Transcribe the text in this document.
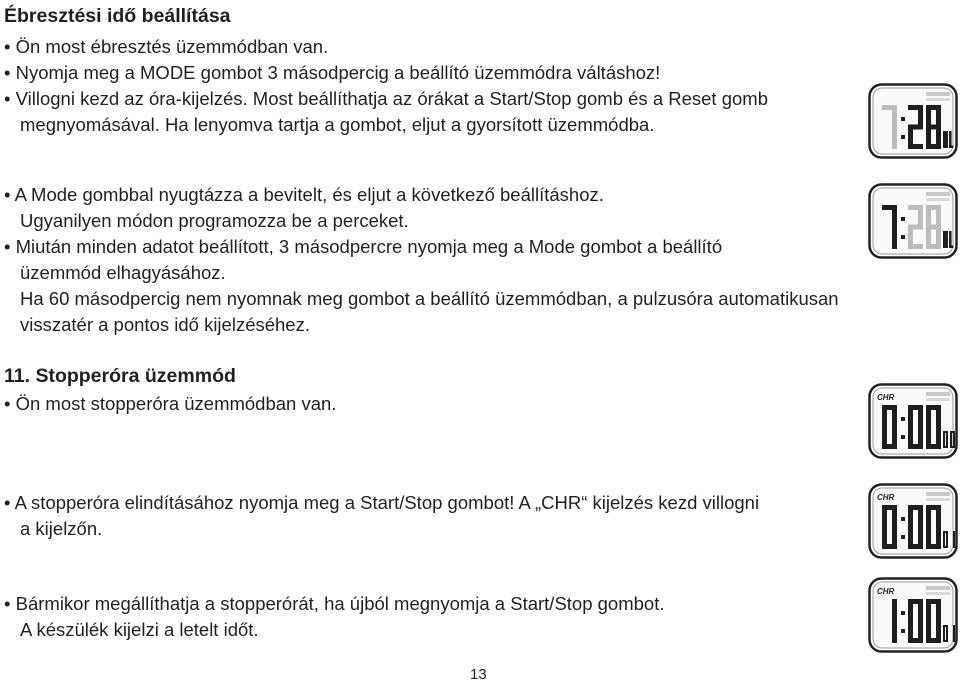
Ébresztési idő beállítása
• Ön most ébresztés üzemmódban van.
• Nyomja meg a MODE gombot 3 másodpercig a beállító üzemmódra váltáshoz!
• Villogni kezd az óra-kijelzés. Most beállíthatja az órákat a Start/Stop gomb és a Reset gomb
megnyomásával. Ha lenyomva tartja a gombot, eljut a gyorsított üzemmódba.
• A Mode gombbal nyugtázza a bevitelt, és eljut a következő beállításhoz.
Ugyanilyen módon programozza be a perceket.
• Miután minden adatot beállított, 3 másodpercre nyomja meg a Mode gombot a beállító
üzemmód elhagyásához.
Ha 60 másodpercig nem nyomnak meg gombot a beállító üzemmódban, a pulzusóra automatikusan
visszatér a pontos idő kijelzéséhez.
11. Stopperóra üzemmód
• Ön most stopperóra üzemmódban van.
• A stopperóra elindításához nyomja meg a Start/Stop gombot! A „CHR“ kijelzés kezd villogni
a kijelzőn.
• Bármikor megállíthatja a stopperórát, ha újból megnyomja a Start/Stop gombot.
A készülék kijelzi a letelt időt.
13
CHR
CHR
CHR
